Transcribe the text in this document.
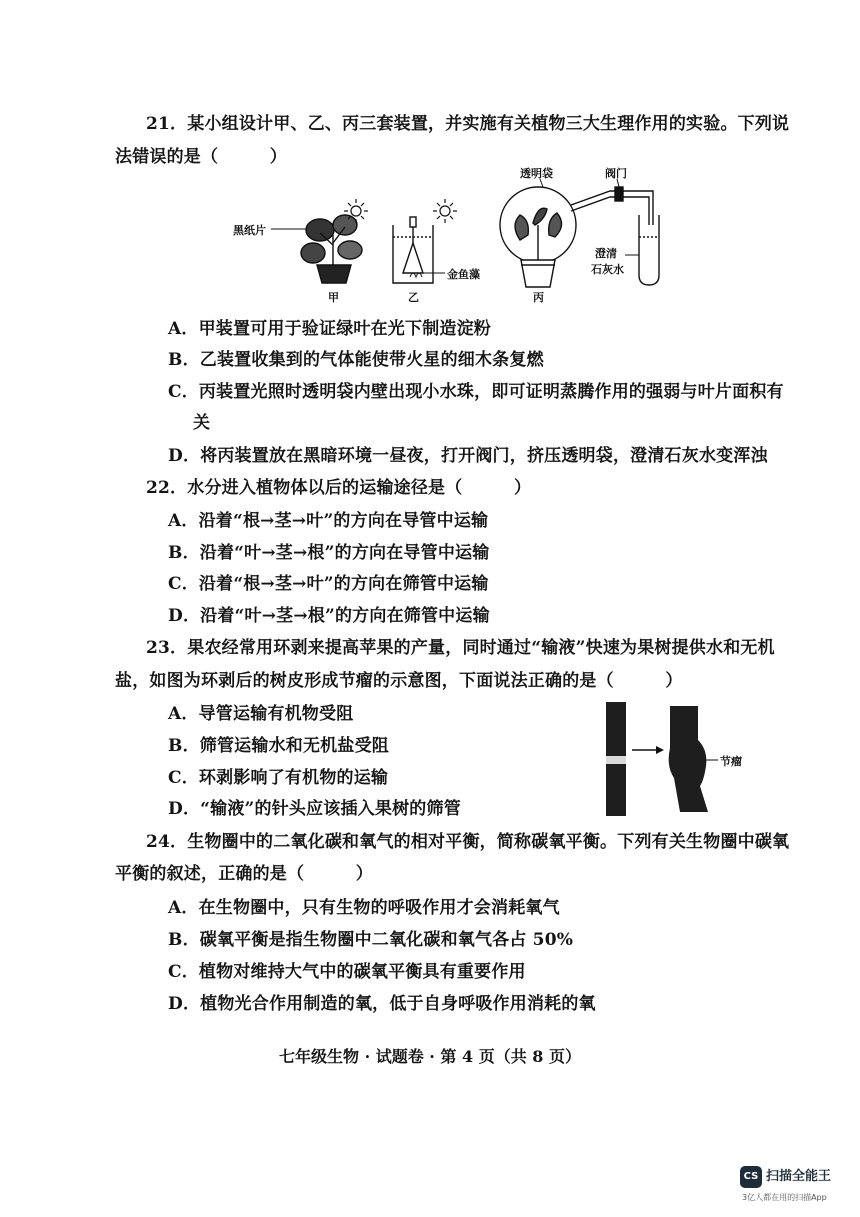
21．某小组设计甲、乙、丙三套装置，并实施有关植物三大生理作用的实验。下列说
法错误的是（　　　）
黑纸片
透明袋	阀门
金鱼藻
澄清
石灰水
甲	乙	丙
A．甲装置可用于验证绿叶在光下制造淀粉
B．乙装置收集到的气体能使带火星的细木条复燃
C．丙装置光照时透明袋内壁出现小水珠，即可证明蒸腾作用的强弱与叶片面积有
关
D．将丙装置放在黑暗环境一昼夜，打开阀门，挤压透明袋，澄清石灰水变浑浊
22．水分进入植物体以后的运输途径是（　　　）
A．沿着“根→茎→叶”的方向在导管中运输
B．沿着“叶→茎→根”的方向在导管中运输
C．沿着“根→茎→叶”的方向在筛管中运输
D．沿着“叶→茎→根”的方向在筛管中运输
23．果农经常用环剥来提高苹果的产量，同时通过“输液”快速为果树提供水和无机
盐，如图为环剥后的树皮形成节瘤的示意图，下面说法正确的是（　　　）
节瘤
A．导管运输有机物受阻
B．筛管运输水和无机盐受阻
C．环剥影响了有机物的运输
D．“输液”的针头应该插入果树的筛管
24．生物圈中的二氧化碳和氧气的相对平衡，简称碳氧平衡。下列有关生物圈中碳氧
平衡的叙述，正确的是（　　　）
A．在生物圈中，只有生物的呼吸作用才会消耗氧气
B．碳氧平衡是指生物圈中二氧化碳和氧气各占 50%
C．植物对维持大气中的碳氧平衡具有重要作用
D．植物光合作用制造的氧，低于自身呼吸作用消耗的氧
七年级生物 · 试题卷 · 第 4 页（共 8 页）
CS 扫描全能王
3亿人都在用的扫描App
